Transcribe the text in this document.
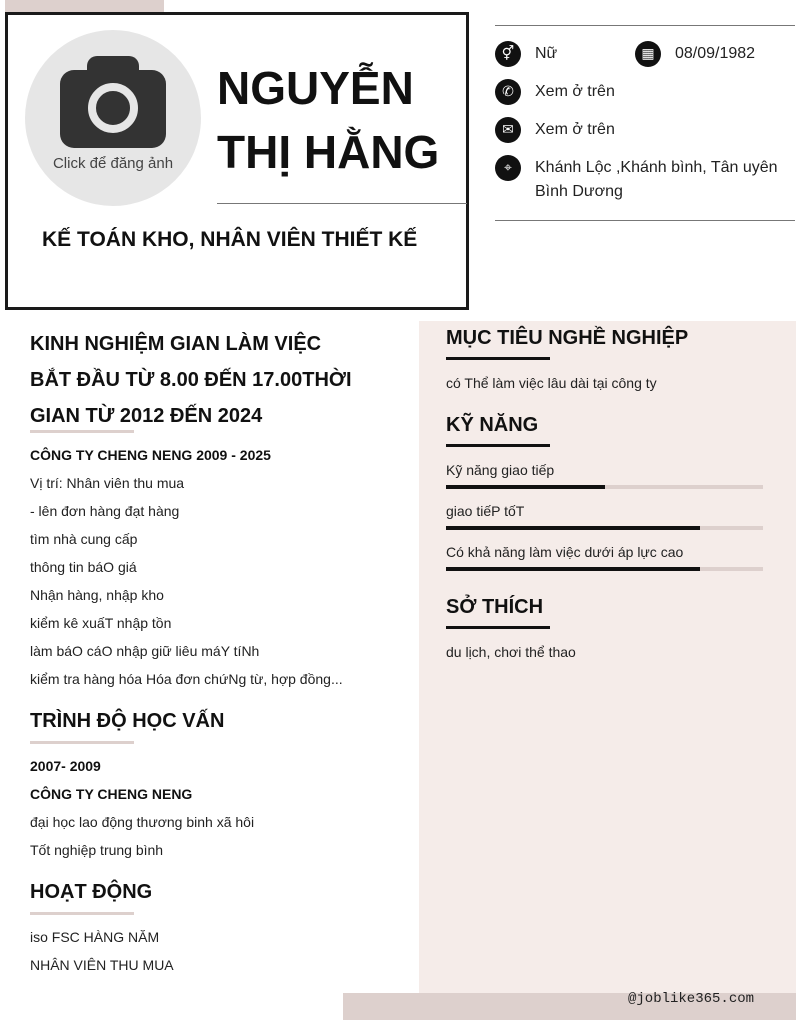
Click để đăng ảnh
NGUYỄN
THỊ HẰNG
KẾ TOÁN KHO, NHÂN VIÊN THIẾT KẾ
⚥	Nữ	▦	08/09/1982
✆	Xem ở trên
✉	Xem ở trên
⌖	Khánh Lộc ,Khánh bình, Tân uyên Bình Dương
@joblike365.com
KINH NGHIỆM GIAN LÀM VIỆC
BẮT ĐẦU TỪ 8.00 ĐẾN 17.00THỜI
GIAN TỪ 2012 ĐẾN 2024
CÔNG TY CHENG NENG 2009 - 2025
Vị trí: Nhân viên thu mua
- lên đơn hàng đạt hàng
tìm nhà cung cấp
thông tin báO giá
Nhận hàng, nhập kho
kiểm kê xuấT nhập tồn
làm báO cáO nhập giữ liêu máY tíNh
kiểm tra hàng hóa Hóa đơn chứNg từ, hợp đồng...
TRÌNH ĐỘ HỌC VẤN
2007- 2009
CÔNG TY CHENG NENG
đại học lao động thương binh xã hôi
Tốt nghiệp trung bình
HOẠT ĐỘNG
iso FSC HÀNG NĂM
NHÂN VIÊN THU MUA
MỤC TIÊU NGHỀ NGHIỆP
có Thể làm việc lâu dài tại công ty
KỸ NĂNG
Kỹ năng giao tiếp
giao tiếP tốT
Có khả năng làm việc dưới áp lực cao
SỞ THÍCH
du lịch, chơi thể thao
